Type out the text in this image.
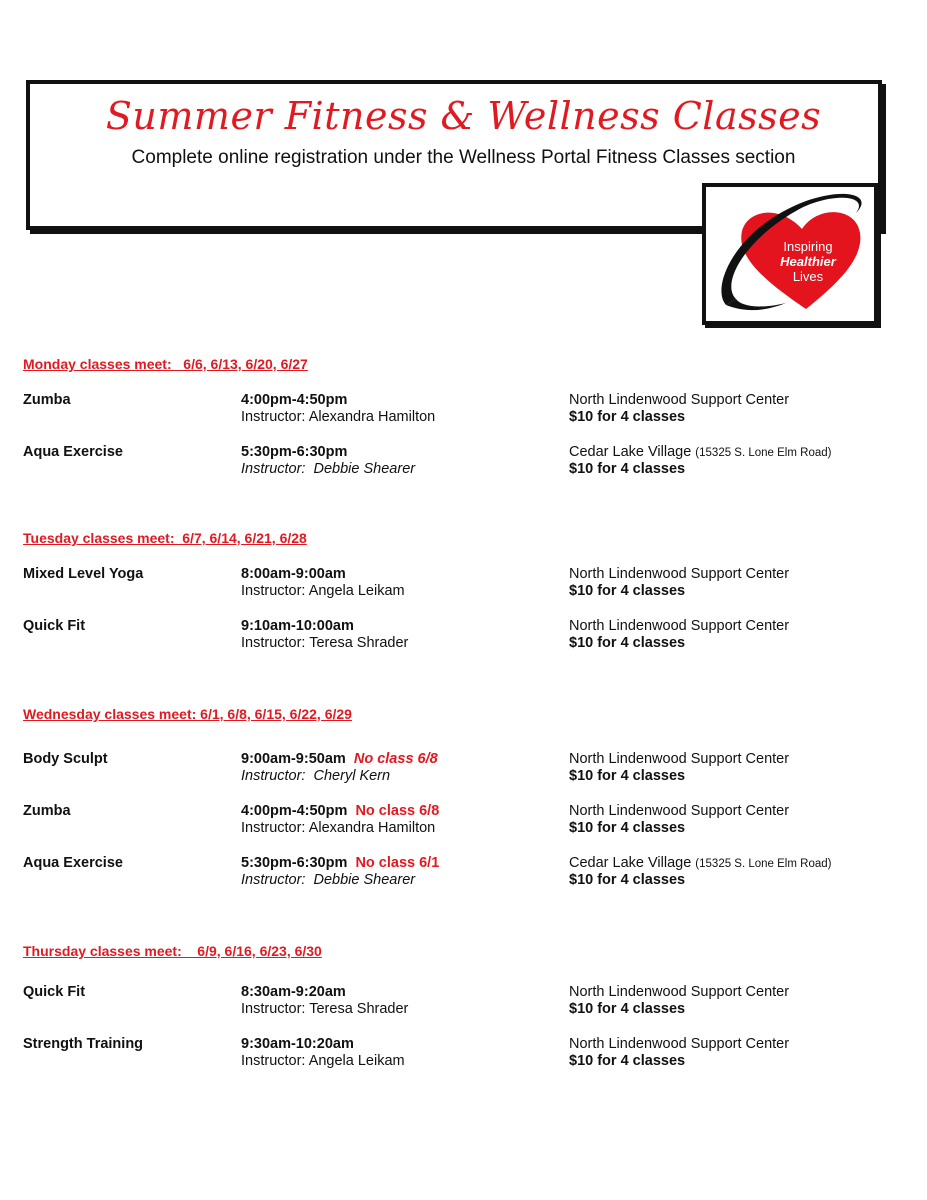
Summer Fitness & Wellness Classes
Complete online registration under the Wellness Portal Fitness Classes section
Inspiring
Healthier
Lives
Monday classes meet:   6/6, 6/13, 6/20, 6/27
Zumba	4:00pm-4:50pm
Instructor: Alexandra Hamilton
North Lindenwood Support Center
$10 for 4 classes
Aqua Exercise	5:30pm-6:30pm
Instructor:  Debbie Shearer
Cedar Lake Village (15325 S. Lone Elm Road)
$10 for 4 classes
Tuesday classes meet:  6/7, 6/14, 6/21, 6/28
Mixed Level Yoga	8:00am-9:00am
Instructor: Angela Leikam
North Lindenwood Support Center
$10 for 4 classes
Quick Fit	9:10am-10:00am
Instructor: Teresa Shrader
North Lindenwood Support Center
$10 for 4 classes
Wednesday classes meet: 6/1, 6/8, 6/15, 6/22, 6/29
Body Sculpt	9:00am-9:50am No class 6/8
Instructor:  Cheryl Kern
North Lindenwood Support Center
$10 for 4 classes
Zumba	4:00pm-4:50pm No class 6/8
Instructor: Alexandra Hamilton
North Lindenwood Support Center
$10 for 4 classes
Aqua Exercise	5:30pm-6:30pm No class 6/1
Instructor:  Debbie Shearer
Cedar Lake Village (15325 S. Lone Elm Road)
$10 for 4 classes
Thursday classes meet:    6/9, 6/16, 6/23, 6/30
Quick Fit	8:30am-9:20am
Instructor: Teresa Shrader
North Lindenwood Support Center
$10 for 4 classes
Strength Training	9:30am-10:20am
Instructor: Angela Leikam
North Lindenwood Support Center
$10 for 4 classes
